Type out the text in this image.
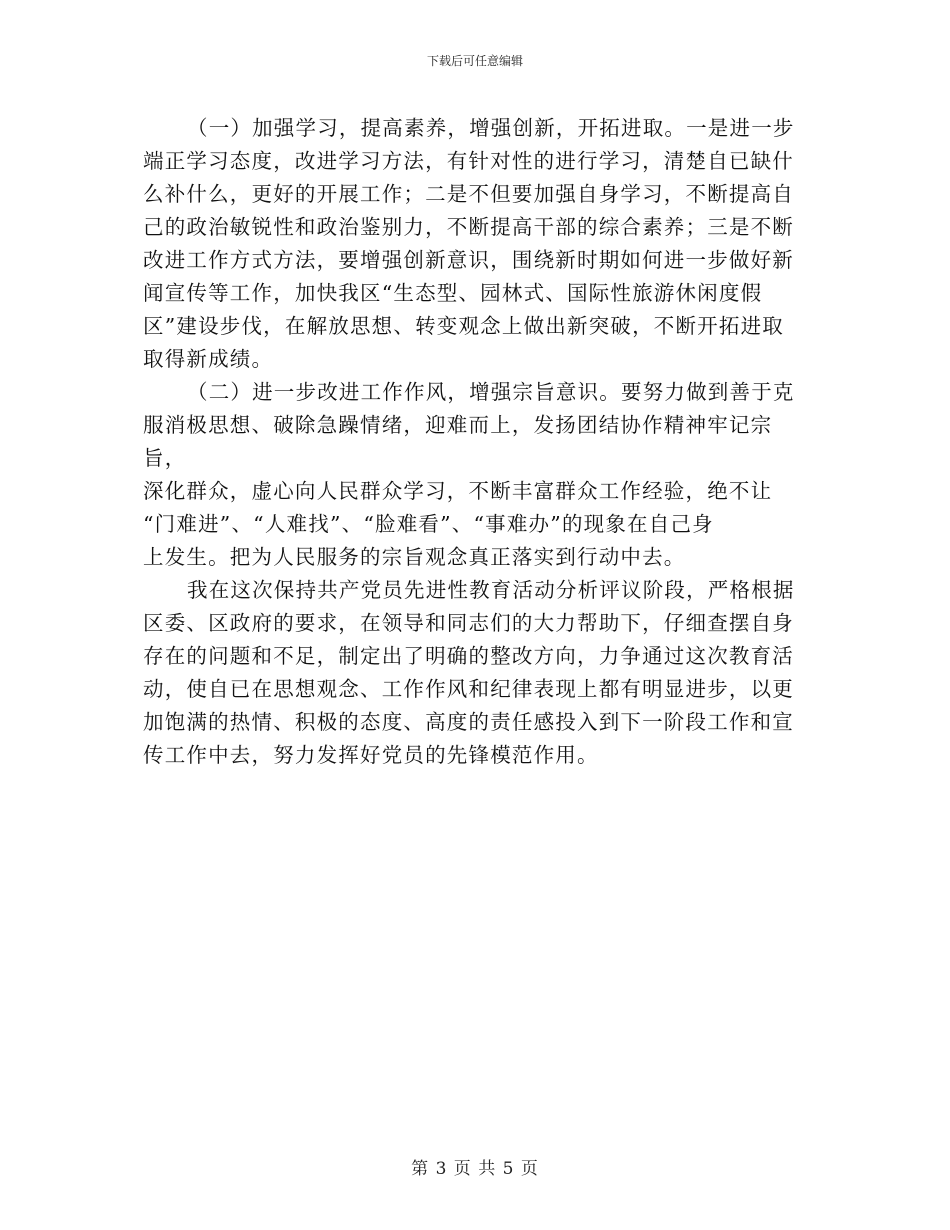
下载后可任意编辑

（一）加强学习，提高素养，增强创新，开拓进取。一是进一步
端正学习态度，改进学习方法，有针对性的进行学习，清楚自已缺什
么补什么，更好的开展工作；二是不但要加强自身学习，不断提高自
己的政治敏锐性和政治鉴别力，不断提高干部的综合素养；三是不断
改进工作方式方法，要增强创新意识，围绕新时期如何进一步做好新
闻宣传等工作，加快我区“生态型、园林式、国际性旅游休闲度假
区”建设步伐，在解放思想、转变观念上做出新突破，不断开拓进取
取得新成绩。

（二）进一步改进工作作风，增强宗旨意识。要努力做到善于克
服消极思想、破除急躁情绪，迎难而上，发扬团结协作精神牢记宗旨，
深化群众，虚心向人民群众学习，不断丰富群众工作经验，绝不让
“门难进”、“人难找”、“脸难看”、“事难办”的现象在自己身
上发生。把为人民服务的宗旨观念真正落实到行动中去。

我在这次保持共产党员先进性教育活动分析评议阶段，严格根据
区委、区政府的要求，在领导和同志们的大力帮助下，仔细查摆自身
存在的问题和不足，制定出了明确的整改方向，力争通过这次教育活
动，使自已在思想观念、工作作风和纪律表现上都有明显进步，以更
加饱满的热情、积极的态度、高度的责任感投入到下一阶段工作和宣
传工作中去，努力发挥好党员的先锋模范作用。

第 3 页 共 5 页
